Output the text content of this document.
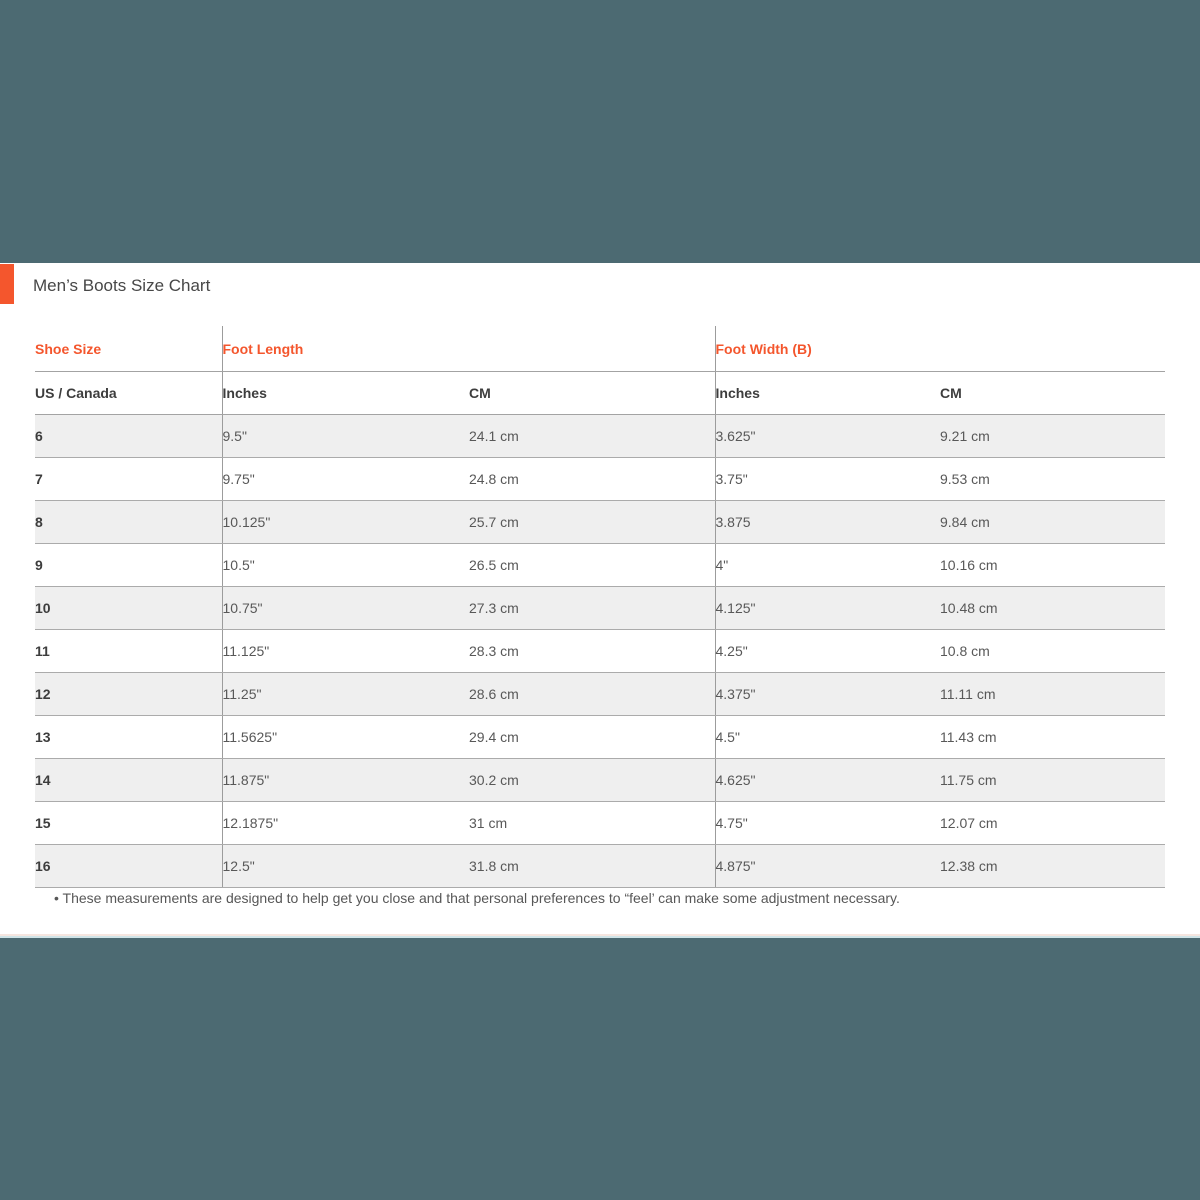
Men’s Boots Size Chart
Shoe Size	Foot Length		Foot Width (B)	
US / Canada	Inches	CM	Inches	CM
6	9.5"	24.1 cm	3.625"	9.21 cm
7	9.75"	24.8 cm	3.75"	9.53 cm
8	10.125"	25.7 cm	3.875	9.84 cm
9	10.5"	26.5 cm	4"	10.16 cm
10	10.75"	27.3 cm	4.125"	10.48 cm
11	11.125"	28.3 cm	4.25"	10.8 cm
12	11.25"	28.6 cm	4.375"	11.11 cm
13	11.5625"	29.4 cm	4.5"	11.43 cm
14	11.875"	30.2 cm	4.625"	11.75 cm
15	12.1875"	31 cm	4.75"	12.07 cm
16	12.5"	31.8 cm	4.875"	12.38 cm
• These measurements are designed to help get you close and that personal preferences to “feel’ can make some adjustment necessary.
